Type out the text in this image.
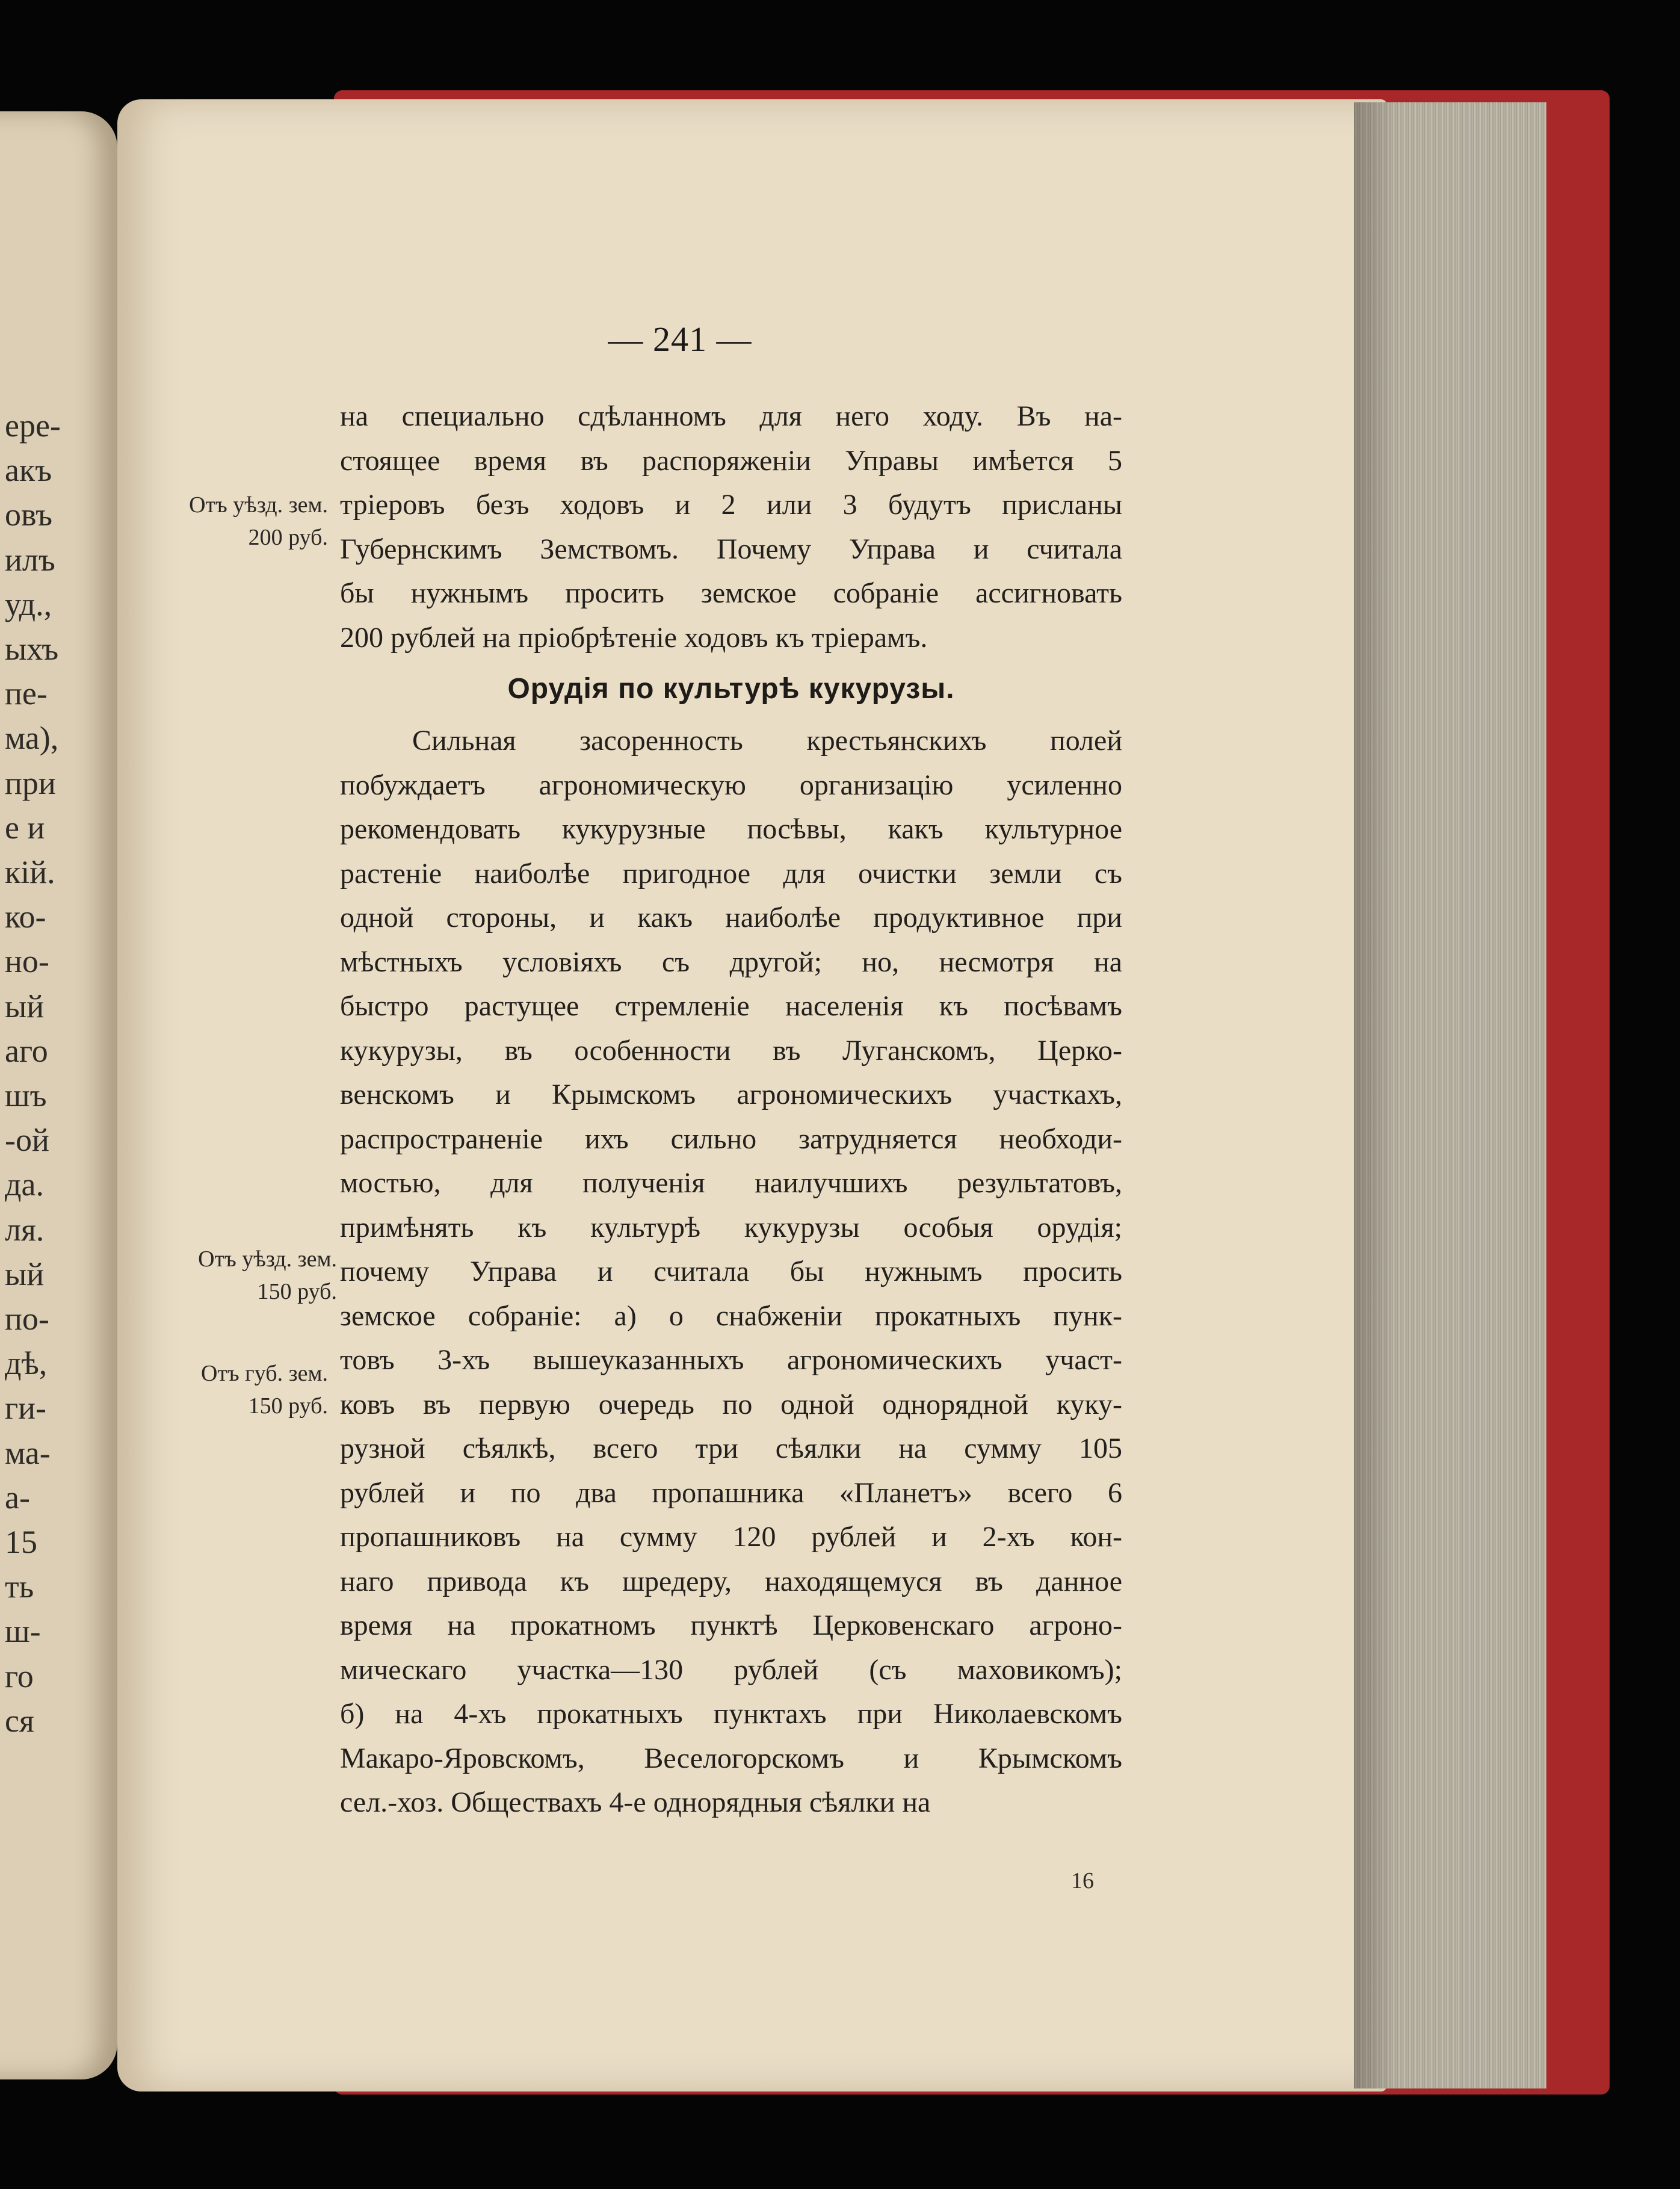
ере-
акъ
овъ
илъ
уд.,
ыхъ
пе-
ма),
при
е и
кій.
ко-
но-
ый
аго
шъ
-ой
да.
ля.
ый
по-
дѣ,
ги-
ма-
а-
15
ть
ш-
го
ся
— 241 —
Отъ уѣзд. зем.
200 руб.
Отъ уѣзд. зем.
150 руб.
Отъ губ. зем.
150 руб.
на специально сдѣланномъ для него ходу. Въ на-
стоящее время въ распоряженіи Управы имѣется 5
тріеровъ безъ ходовъ и 2 или 3 будутъ присланы
Губернскимъ Земствомъ. Почему Управа и считала
бы нужнымъ просить земское собраніе ассигновать
200 рублей на пріобрѣтеніе ходовъ къ тріерамъ.
Орудія по культурѣ кукурузы.
Сильная засоренность крестьянскихъ полей
побуждаетъ агрономическую организацію усиленно
рекомендовать кукурузные посѣвы, какъ культурное
растеніе наиболѣе пригодное для очистки земли съ
одной стороны, и какъ наиболѣе продуктивное при
мѣстныхъ условіяхъ съ другой; но, несмотря на
быстро растущее стремленіе населенія къ посѣвамъ
кукурузы, въ особенности въ Луганскомъ, Церко-
венскомъ и Крымскомъ агрономическихъ участкахъ,
распространеніе ихъ сильно затрудняется необходи-
мостью, для полученія наилучшихъ результатовъ,
примѣнять къ культурѣ кукурузы особыя орудія;
почему Управа и считала бы нужнымъ просить
земское собраніе: а) о снабженіи прокатныхъ пунк-
товъ 3-хъ вышеуказанныхъ агрономическихъ участ-
ковъ въ первую очередь по одной однорядной куку-
рузной сѣялкѣ, всего три сѣялки на сумму 105
рублей и по два пропашника «Планетъ» всего 6
пропашниковъ на сумму 120 рублей и 2-хъ кон-
наго привода къ шредеру, находящемуся въ данное
время на прокатномъ пунктѣ Церковенскаго агроно-
мическаго участка—130 рублей (съ маховикомъ);
б) на 4-хъ прокатныхъ пунктахъ при Николаевскомъ
Макаро-Яровскомъ, Веселогорскомъ и Крымскомъ
сел.-хоз. Обществахъ 4-е однорядныя сѣялки на
16
